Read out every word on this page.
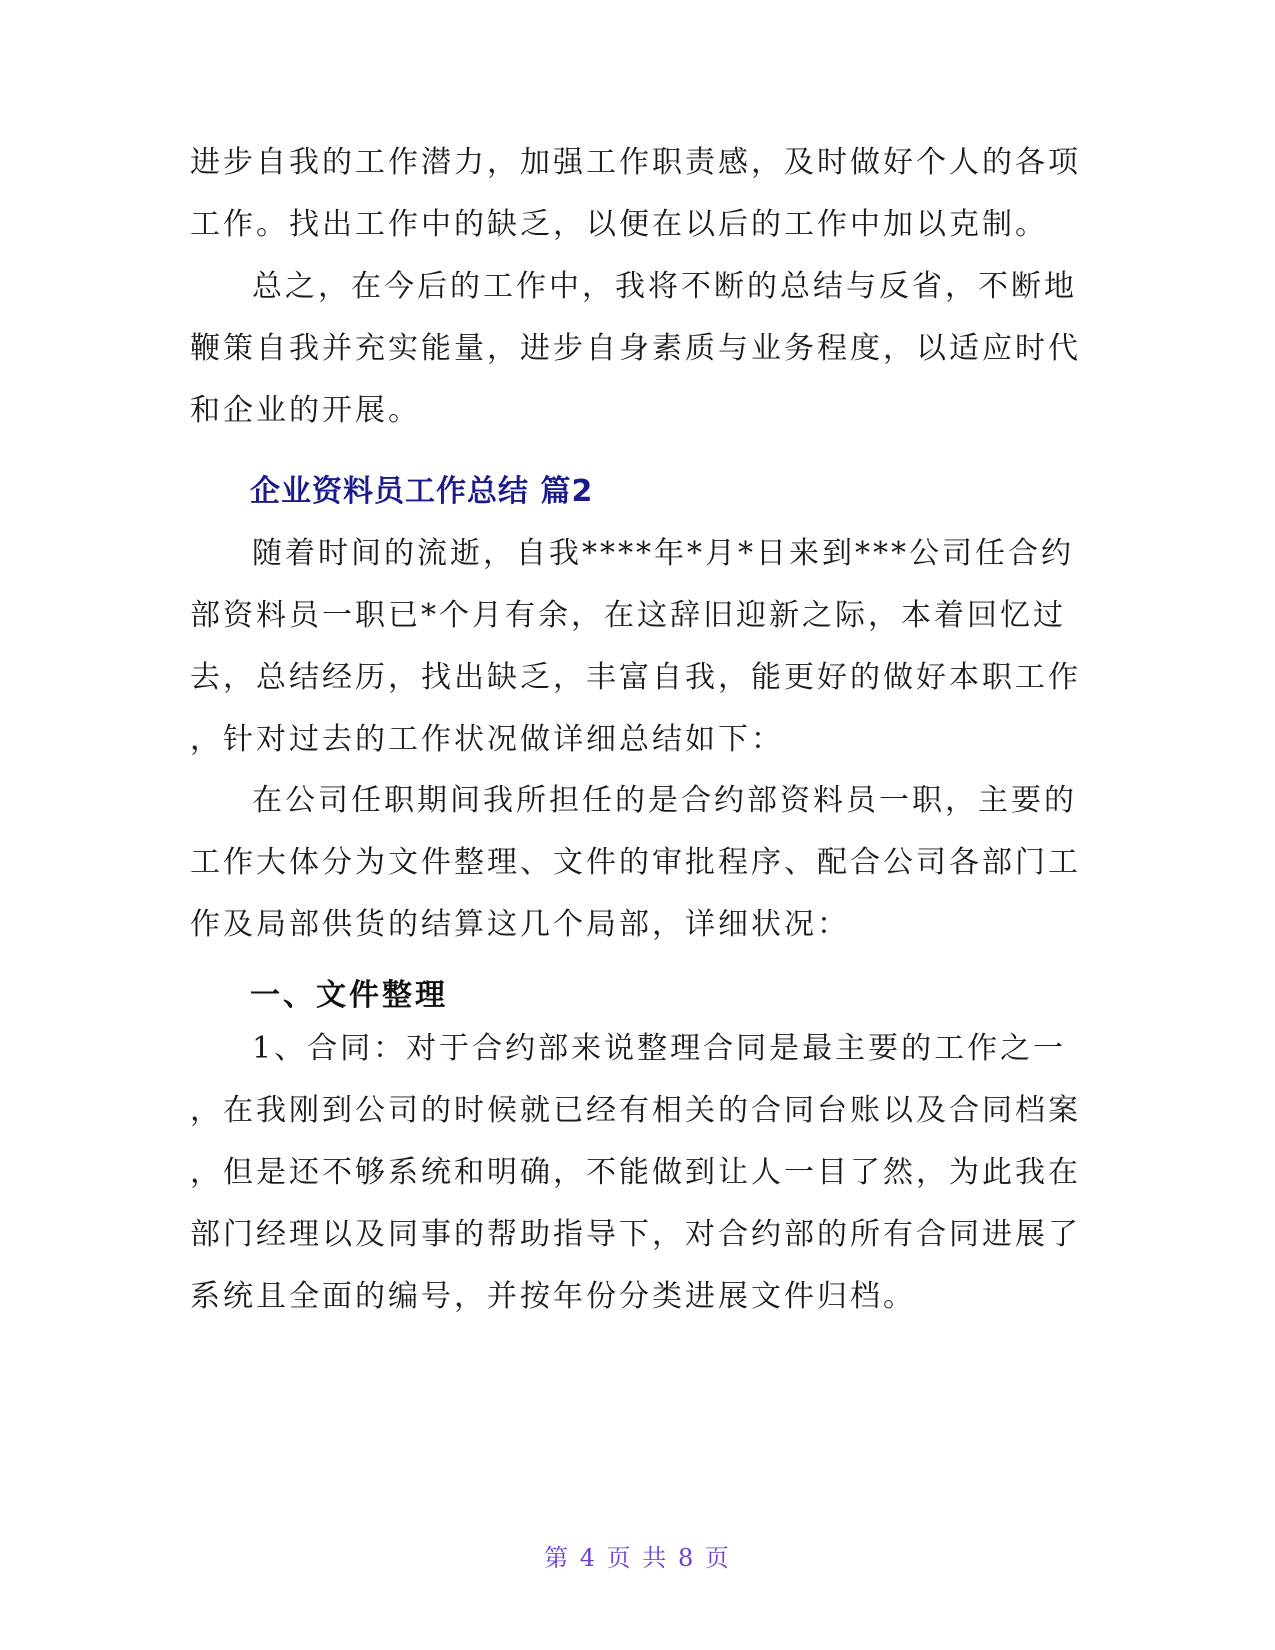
进步自我的工作潜力，加强工作职责感，及时做好个人的各项
工作。找出工作中的缺乏，以便在以后的工作中加以克制。
总之，在今后的工作中，我将不断的总结与反省，不断地
鞭策自我并充实能量，进步自身素质与业务程度，以适应时代
和企业的开展。
企业资料员工作总结 篇2
随着时间的流逝，自我****年*月*日来到***公司任合约
部资料员一职已*个月有余，在这辞旧迎新之际，本着回忆过
去，总结经历，找出缺乏，丰富自我，能更好的做好本职工作
，针对过去的工作状况做详细总结如下：
在公司任职期间我所担任的是合约部资料员一职，主要的
工作大体分为文件整理、文件的审批程序、配合公司各部门工
作及局部供货的结算这几个局部，详细状况：
一、文件整理
1、合同：对于合约部来说整理合同是最主要的工作之一
，在我刚到公司的时候就已经有相关的合同台账以及合同档案
，但是还不够系统和明确，不能做到让人一目了然，为此我在
部门经理以及同事的帮助指导下，对合约部的所有合同进展了
系统且全面的编号，并按年份分类进展文件归档。
第 4 页 共 8 页
